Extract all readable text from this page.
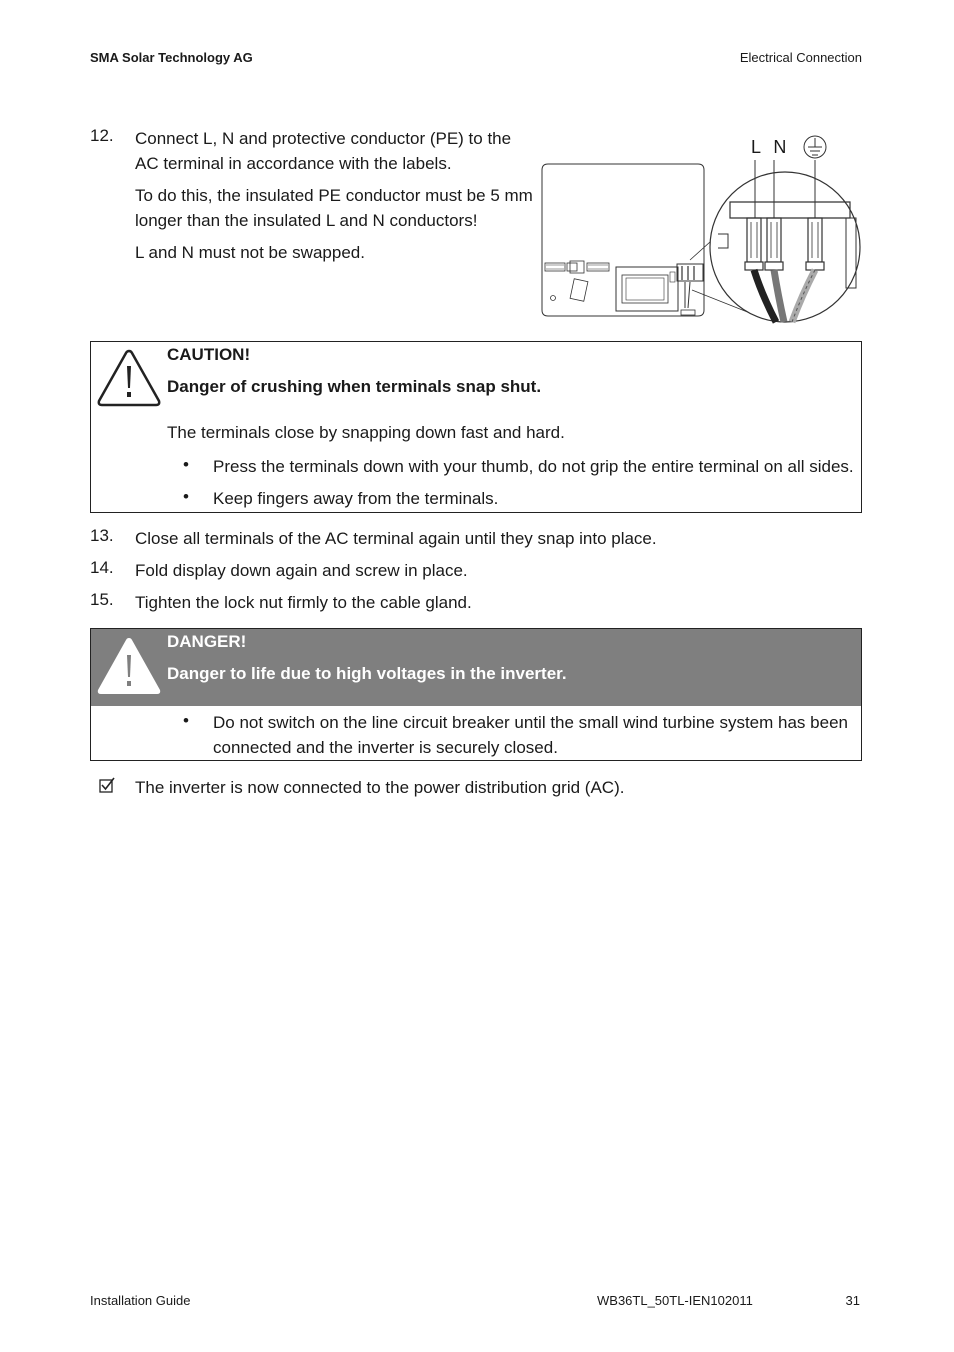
SMA Solar Technology AG	Electrical Connection
12. Connect L, N and protective conductor (PE) to the
AC terminal in accordance with the labels.
To do this, the insulated PE conductor must be 5 mm
longer than the insulated L and N conductors!
L and N must not be swapped.
L N
CAUTION!
Danger of crushing when terminals snap shut.
The terminals close by snapping down fast and hard.
• Press the terminals down with your thumb, do not grip the entire terminal on all sides.
• Keep fingers away from the terminals.
13. Close all terminals of the AC terminal again until they snap into place.
14. Fold display down again and screw in place.
15. Tighten the lock nut firmly to the cable gland.
DANGER!
Danger to life due to high voltages in the inverter.
• Do not switch on the line circuit breaker until the small wind turbine system has been
connected and the inverter is securely closed.
The inverter is now connected to the power distribution grid (AC).
Installation Guide	WB36TL_50TL-IEN102011	31
